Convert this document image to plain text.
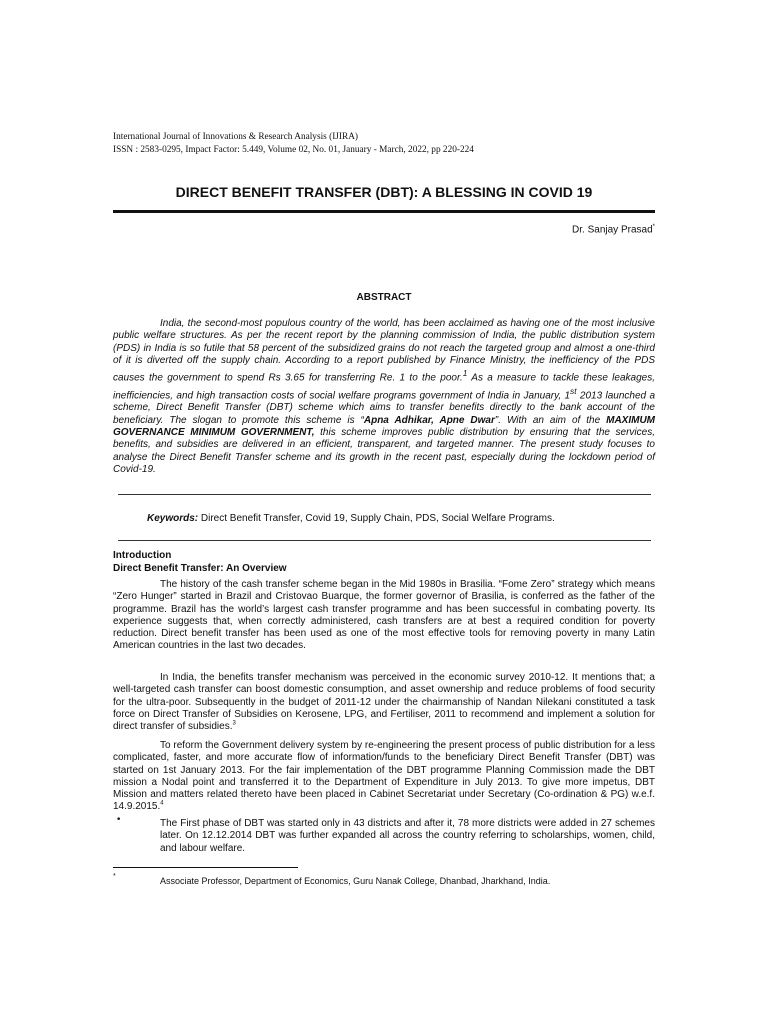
International Journal of Innovations & Research Analysis (IJIRA)
ISSN : 2583-0295, Impact Factor: 5.449, Volume 02, No. 01, January - March, 2022, pp 220-224
DIRECT BENEFIT TRANSFER (DBT): A BLESSING IN COVID 19
Dr. Sanjay Prasad*
ABSTRACT

India, the second-most populous country of the world, has been acclaimed as having one of the most inclusive public welfare structures. As per the recent report by the planning commission of India, the public distribution system (PDS) in India is so futile that 58 percent of the subsidized grains do not reach the targeted group and almost a one-third of it is diverted off the supply chain. According to a report published by Finance Ministry, the inefficiency of the PDS causes the government to spend Rs 3.65 for transferring Re. 1 to the poor.$^1$ As a measure to tackle these leakages, inefficiencies, and high transaction costs of social welfare programs government of India in January, 1st 2013 launched a scheme, Direct Benefit Transfer (DBT) scheme which aims to transfer benefits directly to the bank account of the beneficiary. The slogan to promote this scheme is “Apna Adhikar, Apne Dwar”. With an aim of the MAXIMUM GOVERNANCE MINIMUM GOVERNMENT, this scheme improves public distribution by ensuring that the services, benefits, and subsidies are delivered in an efficient, transparent, and targeted manner. The present study focuses to analyse the Direct Benefit Transfer scheme and its growth in the recent past, especially during the lockdown period of Covid-19.

Keywords: Direct Benefit Transfer, Covid 19, Supply Chain, PDS, Social Welfare Programs.
Introduction
Direct Benefit Transfer: An Overview

The history of the cash transfer scheme began in the Mid 1980s in Brasilia. “Fome Zero” strategy which means “Zero Hunger” started in Brazil and Cristovao Buarque, the former governor of Brasilia, is conferred as the father of the programme. Brazil has the world’s largest cash transfer programme and has been successful in combating poverty. Its experience suggests that, when correctly administered, cash transfers are at best a required condition for poverty reduction. Direct benefit transfer has been used as one of the most effective tools for removing poverty in many Latin American countries in the last two decades.

In India, the benefits transfer mechanism was perceived in the economic survey 2010-12. It mentions that; a well-targeted cash transfer can boost domestic consumption, and asset ownership and reduce problems of food security for the ultra-poor. Subsequently in the budget of 2011-12 under the chairmanship of Nandan Nilekani constituted a task force on Direct Transfer of Subsidies on Kerosene, LPG, and Fertiliser, 2011 to recommend and implement a solution for direct transfer of subsidies.$^3$

To reform the Government delivery system by re-engineering the present process of public distribution for a less complicated, faster, and more accurate flow of information/funds to the beneficiary Direct Benefit Transfer (DBT) was started on 1st January 2013. For the fair implementation of the DBT programme Planning Commission made the DBT mission a Nodal point and transferred it to the Department of Expenditure in July 2013. To give more impetus, DBT Mission and matters related thereto have been placed in Cabinet Secretariat under Secretary (Co-ordination & PG) w.e.f. 14.9.2015.$^4$

•	The First phase of DBT was started only in 43 districts and after it, 78 more districts were added in 27 schemes later. On 12.12.2014 DBT was further expanded all across the country referring to scholarships, women, child, and labour welfare.

*	Associate Professor, Department of Economics, Guru Nanak College, Dhanbad, Jharkhand, India.
